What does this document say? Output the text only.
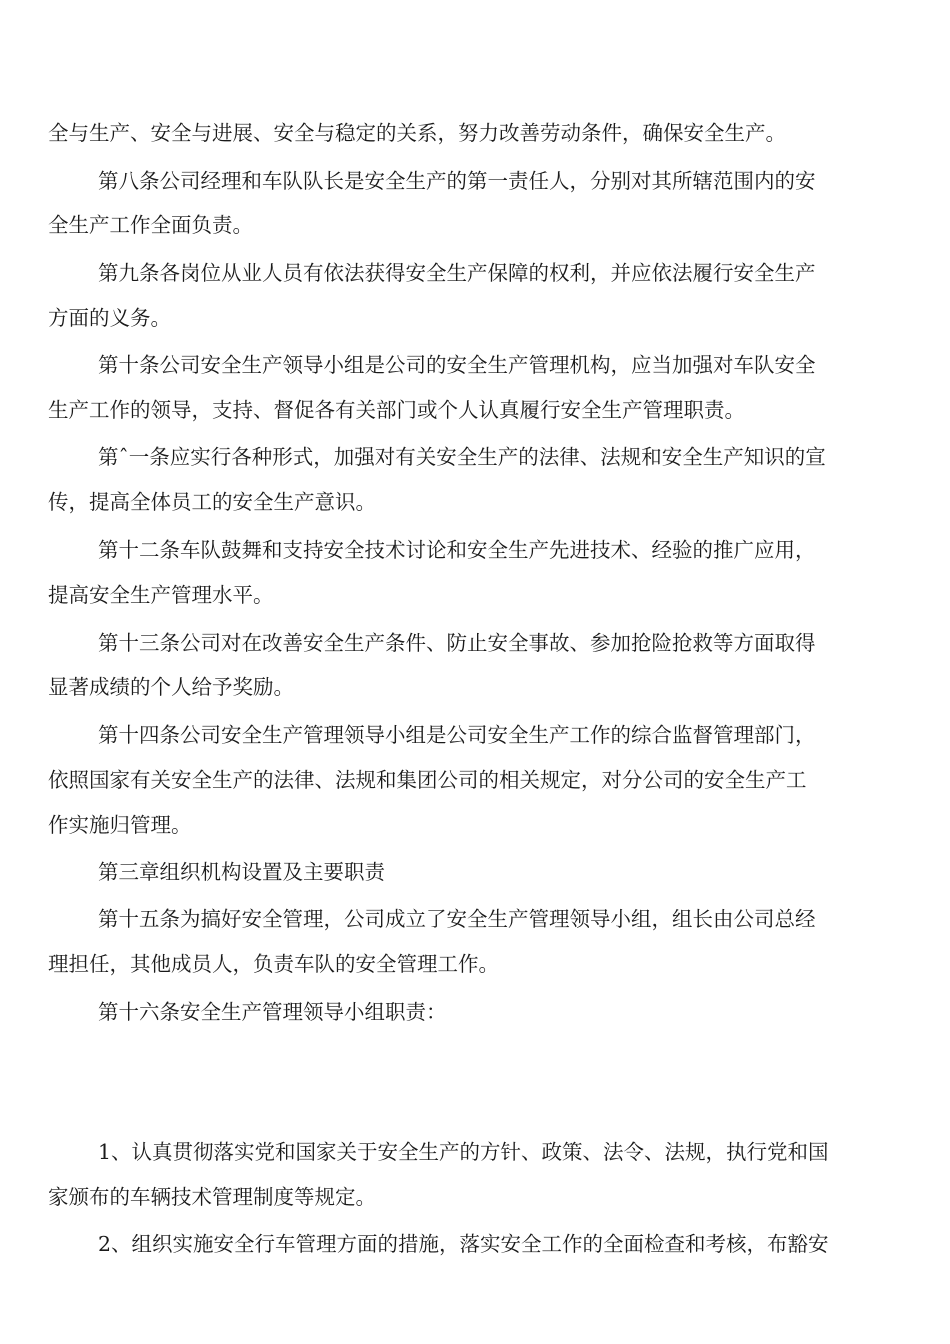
全与生产、安全与进展、安全与稳定的关系，努力改善劳动条件，确保安全生产。
第八条公司经理和车队队长是安全生产的第一责任人，分别对其所辖范围内的安
全生产工作全面负责。
第九条各岗位从业人员有依法获得安全生产保障的权利，并应依法履行安全生产
方面的义务。
第十条公司安全生产领导小组是公司的安全生产管理机构，应当加强对车队安全
生产工作的领导，支持、督促各有关部门或个人认真履行安全生产管理职责。
第ˆ一条应实行各种形式，加强对有关安全生产的法律、法规和安全生产知识的宣
传，提高全体员工的安全生产意识。
第十二条车队鼓舞和支持安全技术讨论和安全生产先进技术、经验的推广应用，
提高安全生产管理水平。
第十三条公司对在改善安全生产条件、防止安全事故、参加抢险抢救等方面取得
显著成绩的个人给予奖励。
第十四条公司安全生产管理领导小组是公司安全生产工作的综合监督管理部门，
依照国家有关安全生产的法律、法规和集团公司的相关规定，对分公司的安全生产工
作实施归管理。
第三章组织机构设置及主要职责
第十五条为搞好安全管理，公司成立了安全生产管理领导小组，组长由公司总经
理担任，其他成员人，负责车队的安全管理工作。
第十六条安全生产管理领导小组职责：
1、认真贯彻落实党和国家关于安全生产的方针、政策、法令、法规，执行党和国
家颁布的车辆技术管理制度等规定。
2、组织实施安全行车管理方面的措施，落实安全工作的全面检查和考核，布豁安
